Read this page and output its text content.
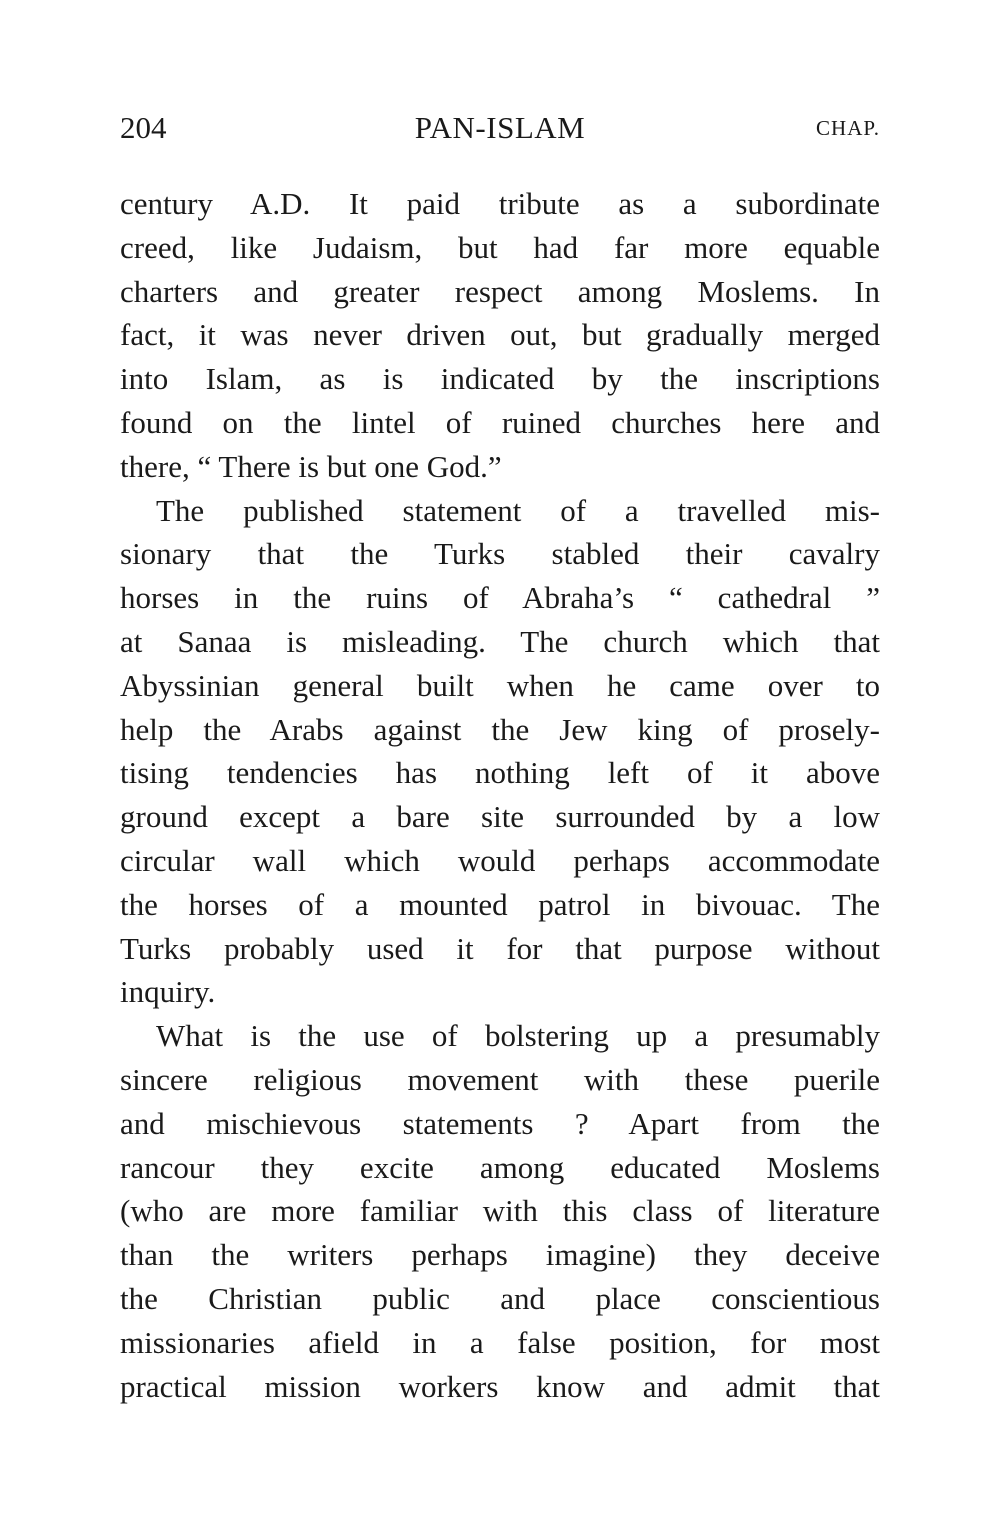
204	PAN-ISLAM	CHAP.
century A.D. It paid tribute as a subordinate
creed, like Judaism, but had far more equable
charters and greater respect among Moslems. In
fact, it was never driven out, but gradually merged
into Islam, as is indicated by the inscriptions
found on the lintel of ruined churches here and
there, “ There is but one God.”
The published statement of a travelled mis-
sionary that the Turks stabled their cavalry
horses in the ruins of Abraha’s “ cathedral ”
at Sanaa is misleading. The church which that
Abyssinian general built when he came over to
help the Arabs against the Jew king of prosely-
tising tendencies has nothing left of it above
ground except a bare site surrounded by a low
circular wall which would perhaps accommodate
the horses of a mounted patrol in bivouac. The
Turks probably used it for that purpose without
inquiry.
What is the use of bolstering up a presumably
sincere religious movement with these puerile
and mischievous statements ? Apart from the
rancour they excite among educated Moslems
(who are more familiar with this class of literature
than the writers perhaps imagine) they deceive
the Christian public and place conscientious
missionaries afield in a false position, for most
practical mission workers know and admit that
